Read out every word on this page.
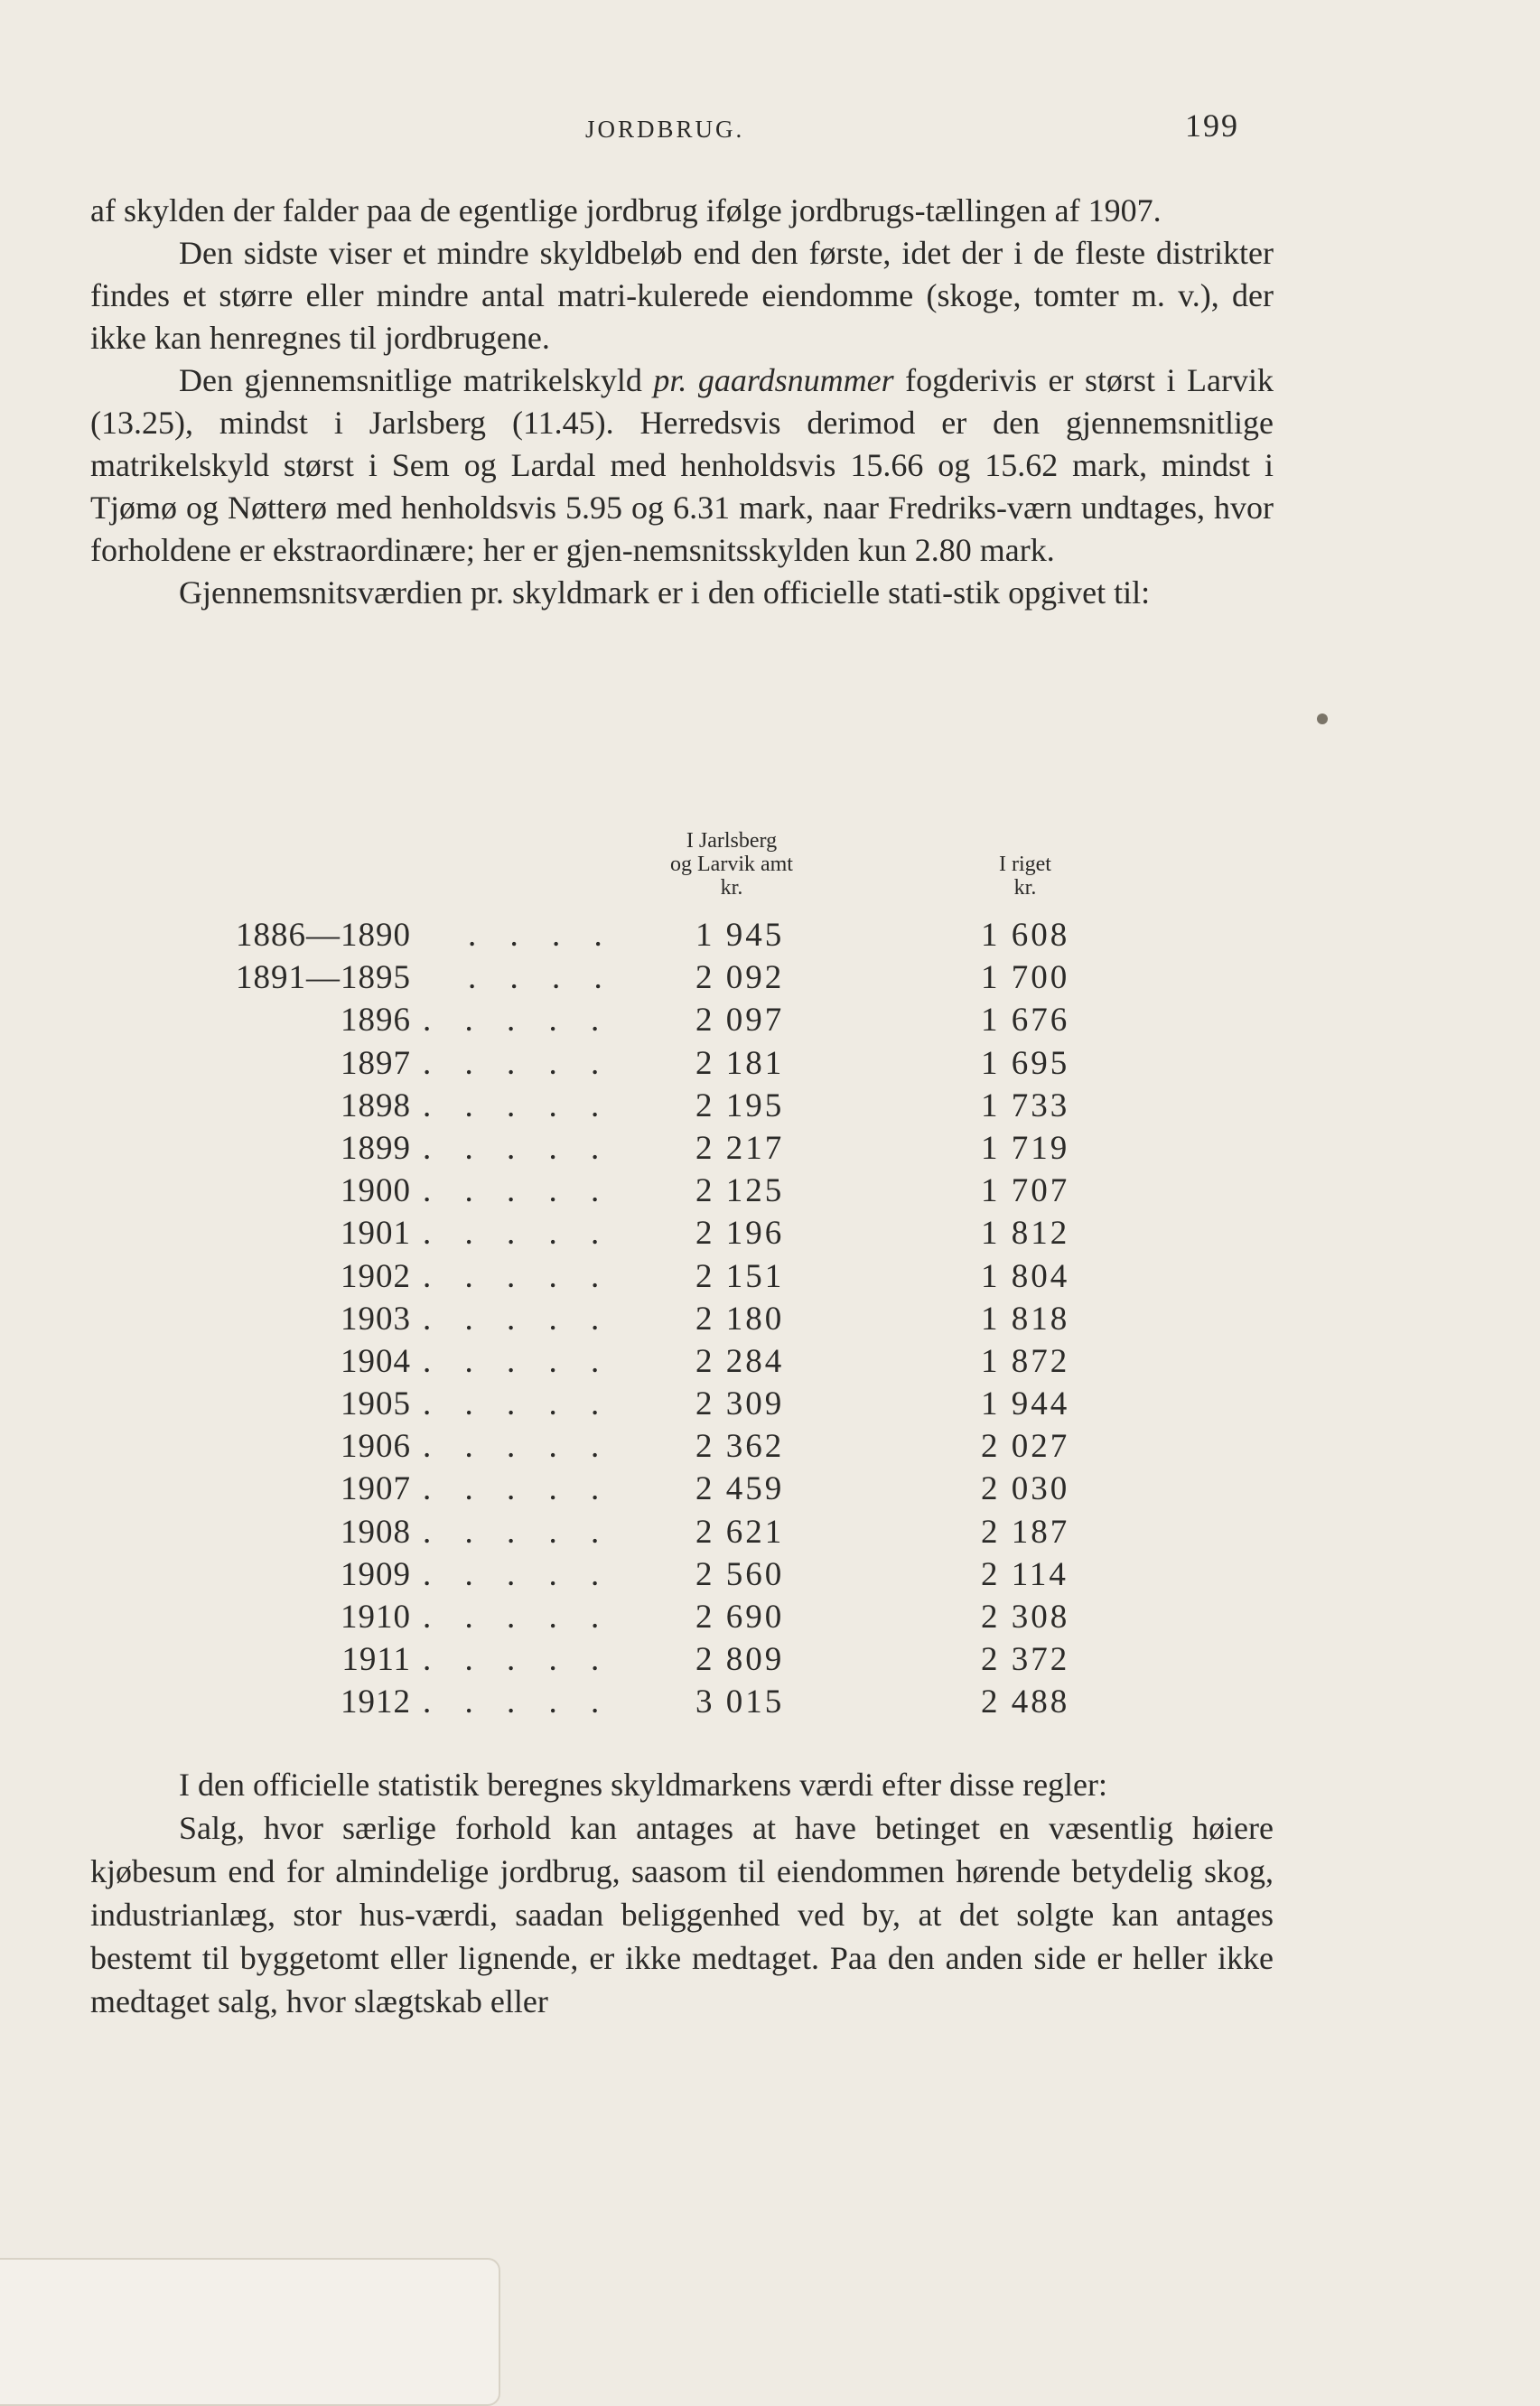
JORDBRUG.	199

af skylden der falder paa de egentlige jordbrug ifølge jordbrugs-tællingen af 1907.

Den sidste viser et mindre skyldbeløb end den første, idet der i de fleste distrikter findes et større eller mindre antal matri-kulerede eiendomme (skoge, tomter m. v.), der ikke kan henregnes til jordbrugene.

Den gjennemsnitlige matrikelskyld pr. gaardsnummer fogderivis er størst i Larvik (13.25), mindst i Jarlsberg (11.45). Herredsvis derimod er den gjennemsnitlige matrikelskyld størst i Sem og Lardal med henholdsvis 15.66 og 15.62 mark, mindst i Tjømø og Nøtterø med henholdsvis 5.95 og 6.31 mark, naar Fredriks-værn undtages, hvor forholdene er ekstraordinære; her er gjen-nemsnitsskylden kun 2.80 mark.

Gjennemsnitsværdien pr. skyldmark er i den officielle stati-stik opgivet til:

I Jarlsberg
og Larvik amt
kr.
I riget
kr.
1886—1890 . . . .	1 945	1 608
1891—1895 . . . .	2 092	1 700
1896 . . . . .	2 097	1 676
1897 . . . . .	2 181	1 695
1898 . . . . .	2 195	1 733
1899 . . . . .	2 217	1 719
1900 . . . . .	2 125	1 707
1901 . . . . .	2 196	1 812
1902 . . . . .	2 151	1 804
1903 . . . . .	2 180	1 818
1904 . . . . .	2 284	1 872
1905 . . . . .	2 309	1 944
1906 . . . . .	2 362	2 027
1907 . . . . .	2 459	2 030
1908 . . . . .	2 621	2 187
1909 . . . . .	2 560	2 114
1910 . . . . .	2 690	2 308
1911 . . . . .	2 809	2 372
1912 . . . . .	3 015	2 488

I den officielle statistik beregnes skyldmarkens værdi efter disse regler:

Salg, hvor særlige forhold kan antages at have betinget en væsentlig høiere kjøbesum end for almindelige jordbrug, saasom til eiendommen hørende betydelig skog, industrianlæg, stor hus-værdi, saadan beliggenhed ved by, at det solgte kan antages bestemt til byggetomt eller lignende, er ikke medtaget. Paa den anden side er heller ikke medtaget salg, hvor slægtskab eller
